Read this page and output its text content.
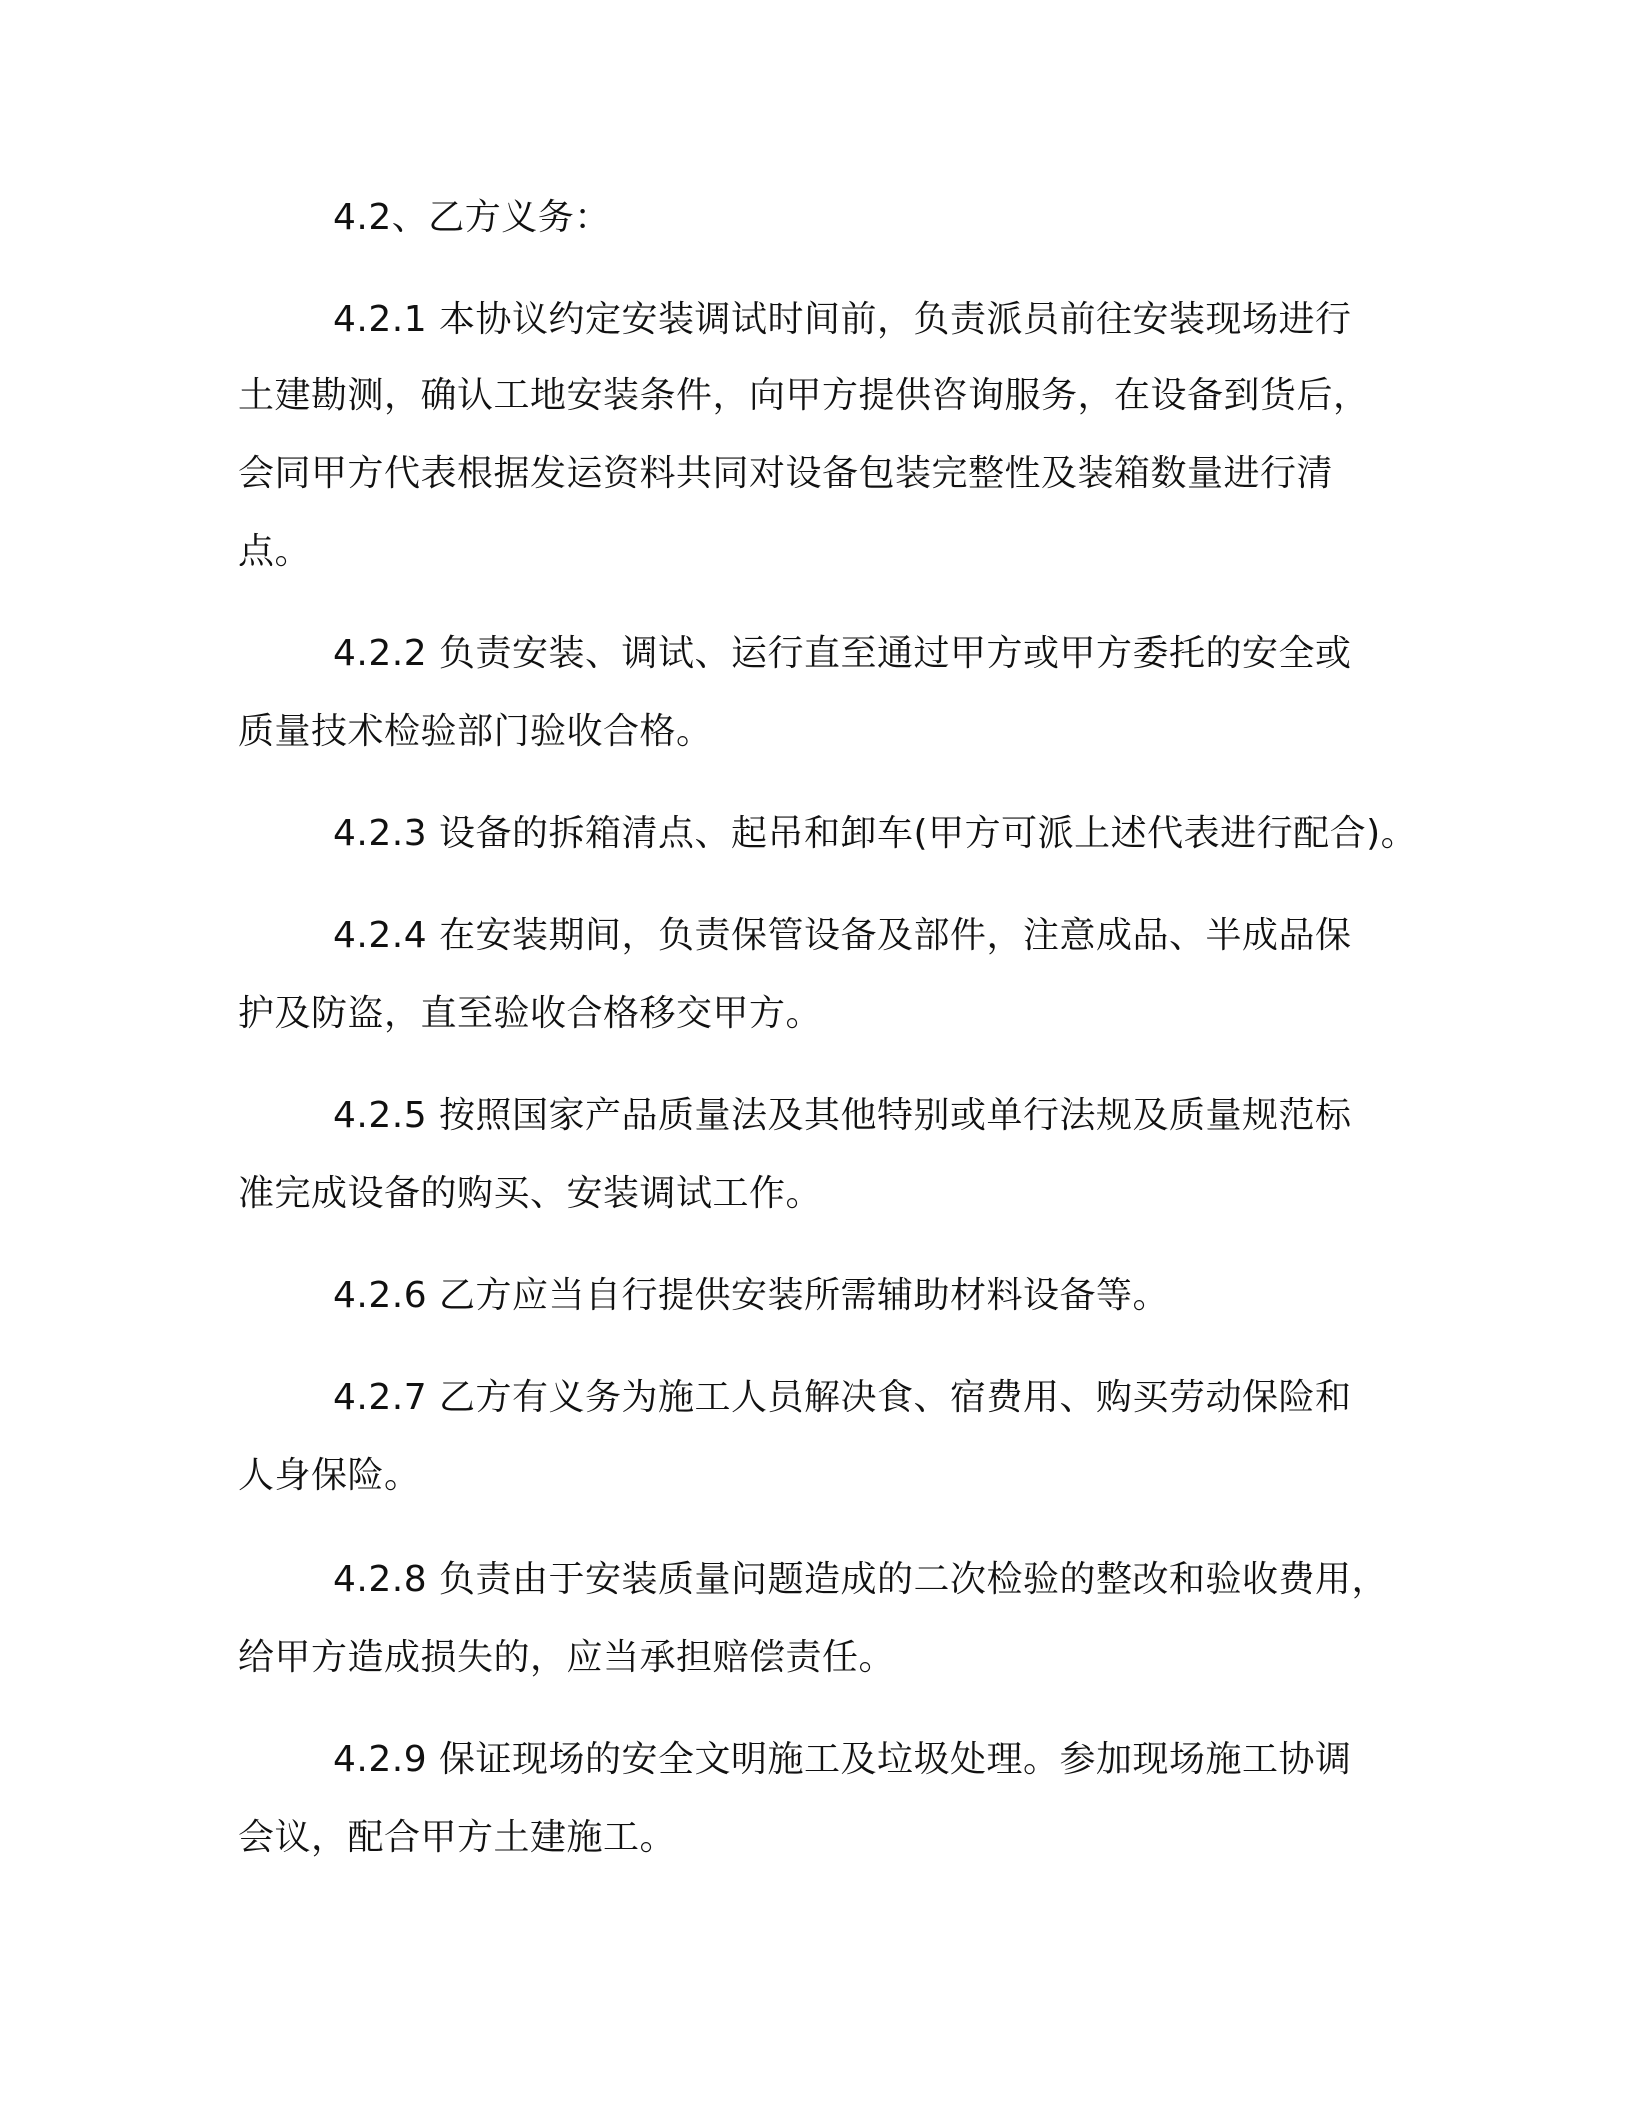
4.2、乙方义务：
4.2.1 本协议约定安装调试时间前，负责派员前往安装现场进行
土建勘测，确认工地安装条件，向甲方提供咨询服务，在设备到货后，
会同甲方代表根据发运资料共同对设备包装完整性及装箱数量进行清
点。
4.2.2 负责安装、调试、运行直至通过甲方或甲方委托的安全或
质量技术检验部门验收合格。
4.2.3 设备的拆箱清点、起吊和卸车(甲方可派上述代表进行配合)。
4.2.4 在安装期间，负责保管设备及部件，注意成品、半成品保
护及防盗，直至验收合格移交甲方。
4.2.5 按照国家产品质量法及其他特别或单行法规及质量规范标
准完成设备的购买、安装调试工作。
4.2.6 乙方应当自行提供安装所需辅助材料设备等。
4.2.7 乙方有义务为施工人员解决食、宿费用、购买劳动保险和
人身保险。
4.2.8 负责由于安装质量问题造成的二次检验的整改和验收费用，
给甲方造成损失的，应当承担赔偿责任。
4.2.9 保证现场的安全文明施工及垃圾处理。参加现场施工协调
会议，配合甲方土建施工。
